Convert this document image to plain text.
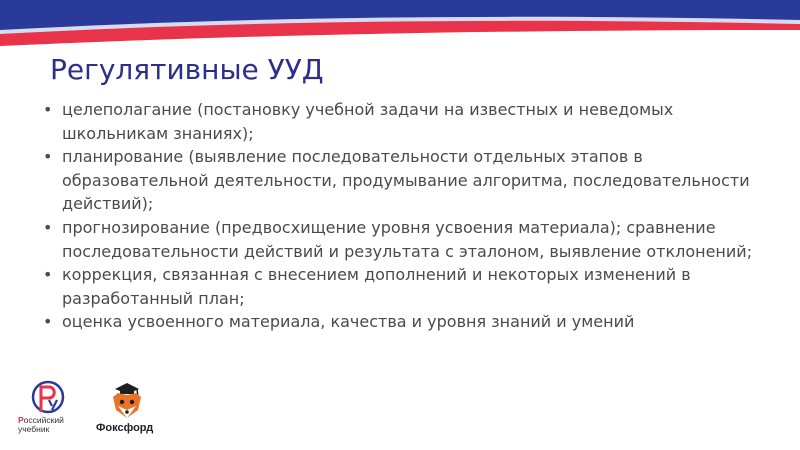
Регулятивные УУД
• целеполагание (постановку учебной задачи на известных и неведомых школьникам знаниях);
• планирование (выявление последовательности отдельных этапов в образовательной деятельности, продумывание алгоритма, последовательности действий);
• прогнозирование (предвосхищение уровня усвоения материала); сравнение последовательности действий и результата с эталоном, выявление отклонений;
• коррекция, связанная с внесением дополнений и некоторых изменений в разработанный план;
• оценка усвоенного материала, качества и уровня знаний и умений
Российский
учебник	Фоксфорд
